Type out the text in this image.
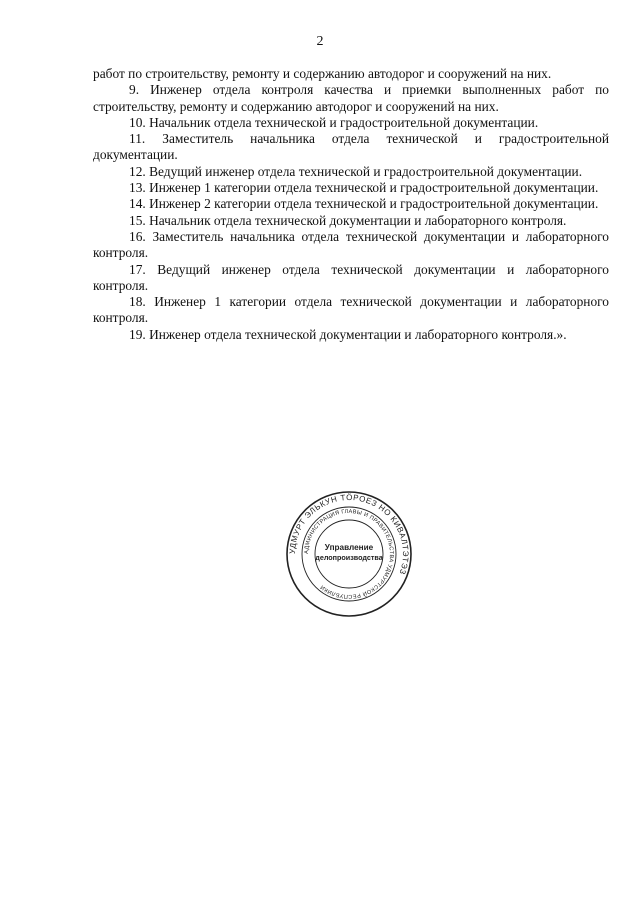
2

работ по строительству, ремонту и содержанию автодорог и сооружений на них.

9. Инженер отдела контроля качества и приемки выполненных работ по строительству, ремонту и содержанию автодорог и сооружений на них.

10. Начальник отдела технической и градостроительной документации.

11. Заместитель начальника отдела технической и градостроительной документации.

12. Ведущий инженер отдела технической и градостроительной документации.

13. Инженер 1 категории отдела технической и градостроительной документации.

14. Инженер 2 категории отдела технической и градостроительной документации.

15. Начальник отдела технической документации и лабораторного контроля.

16. Заместитель начальника отдела технической документации и лабораторного контроля.

17. Ведущий инженер отдела технической документации и лабораторного контроля.

18. Инженер 1 категории отдела технической документации и лабораторного контроля.

19. Инженер отдела технической документации и лабораторного контроля.».

УДМУРТ ЭЛЬКУН ТӦРОЕЗ НО КИВАЛТЭТЭЗ
АДМИНИСТРАЦИЯ ГЛАВЫ И ПРАВИТЕЛЬСТВА УДМУРТСКОЙ РЕСПУБЛИКИ
Управление
делопроизводства
